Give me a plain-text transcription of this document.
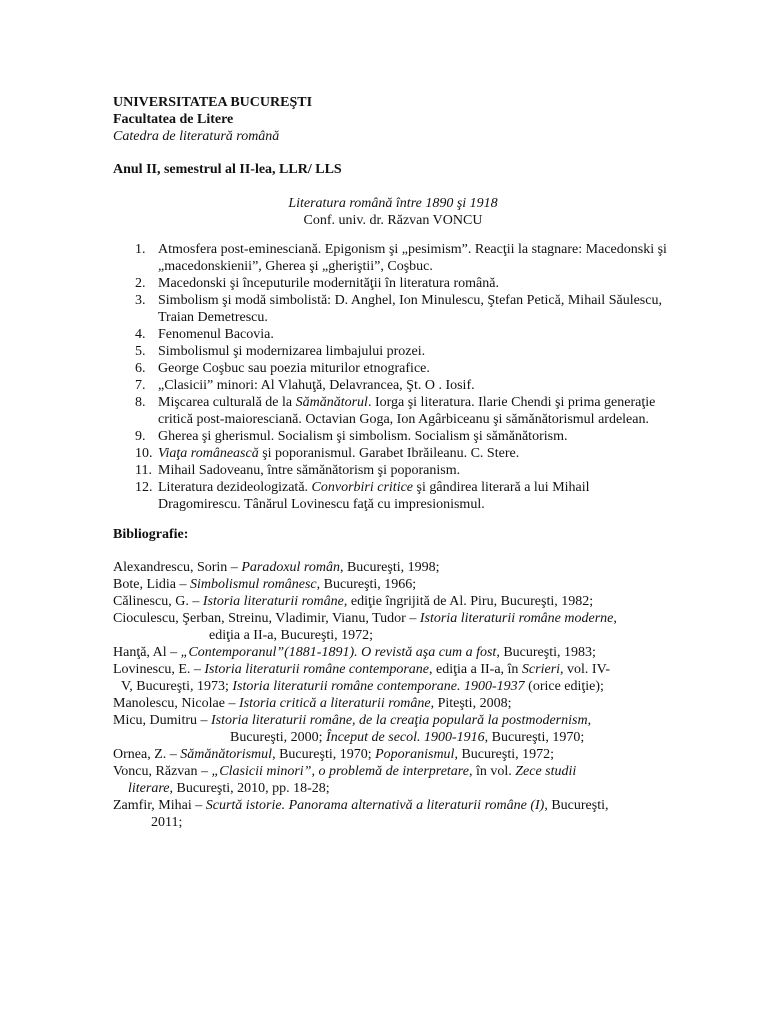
UNIVERSITATEA BUCUREŞTI
Facultatea de Litere
Catedra de literatură română
Anul II, semestrul al II-lea, LLR/ LLS
Literatura română între 1890 şi 1918
Conf. univ. dr. Răzvan VONCU
1. Atmosfera post-eminesciană. Epigonism şi „pesimism”. Reacţii la stagnare: Macedonski şi „macedonskienii”, Gherea şi „gheriştii”, Coşbuc.
2. Macedonski şi începuturile modernităţii în literatura română.
3. Simbolism şi modă simbolistă: D. Anghel, Ion Minulescu, Ştefan Petică, Mihail Săulescu, Traian Demetrescu.
4. Fenomenul Bacovia.
5. Simbolismul şi modernizarea limbajului prozei.
6. George Coşbuc sau poezia miturilor etnografice.
7. „Clasicii” minori: Al Vlahuţă, Delavrancea, Şt. O . Iosif.
8. Mişcarea culturală de la Sămănătorul. Iorga şi literatura. Ilarie Chendi şi prima generaţie critică post-maioresciană. Octavian Goga, Ion Agârbiceanu şi sămănătorismul ardelean.
9. Gherea şi gherismul. Socialism şi simbolism. Socialism şi sămănătorism.
10. Viaţa românească şi poporanismul. Garabet Ibrăileanu. C. Stere.
11. Mihail Sadoveanu, între sămănătorism şi poporanism.
12. Literatura dezideologizată. Convorbiri critice şi gândirea literară a lui Mihail Dragomirescu. Tânărul Lovinescu faţă cu impresionismul.
Bibliografie:
Alexandrescu, Sorin – Paradoxul român, Bucureşti, 1998;
Bote, Lidia – Simbolismul românesc, Bucureşti, 1966;
Călinescu, G. – Istoria literaturii române, ediţie îngrijită de Al. Piru, Bucureşti, 1982;
Cioculescu, Şerban, Streinu, Vladimir, Vianu, Tudor – Istoria literaturii române moderne,
ediţia a II-a, Bucureşti, 1972;
Hanţă, Al – „Contemporanul”(1881-1891). O revistă aşa cum a fost, Bucureşti, 1983;
Lovinescu, E. – Istoria literaturii române contemporane, ediţia a II-a, în Scrieri, vol. IV-
V, Bucureşti, 1973; Istoria literaturii române contemporane. 1900-1937 (orice ediţie);
Manolescu, Nicolae – Istoria critică a literaturii române, Piteşti, 2008;
Micu, Dumitru – Istoria literaturii române, de la creaţia populară la postmodernism,
Bucureşti, 2000; Început de secol. 1900-1916, Bucureşti, 1970;
Ornea, Z. – Sămănătorismul, Bucureşti, 1970; Poporanismul, Bucureşti, 1972;
Voncu, Răzvan – „Clasicii minori”, o problemă de interpretare, în vol. Zece studii
literare, Bucureşti, 2010, pp. 18-28;
Zamfir, Mihai – Scurtă istorie. Panorama alternativă a literaturii române (I), Bucureşti,
2011;
